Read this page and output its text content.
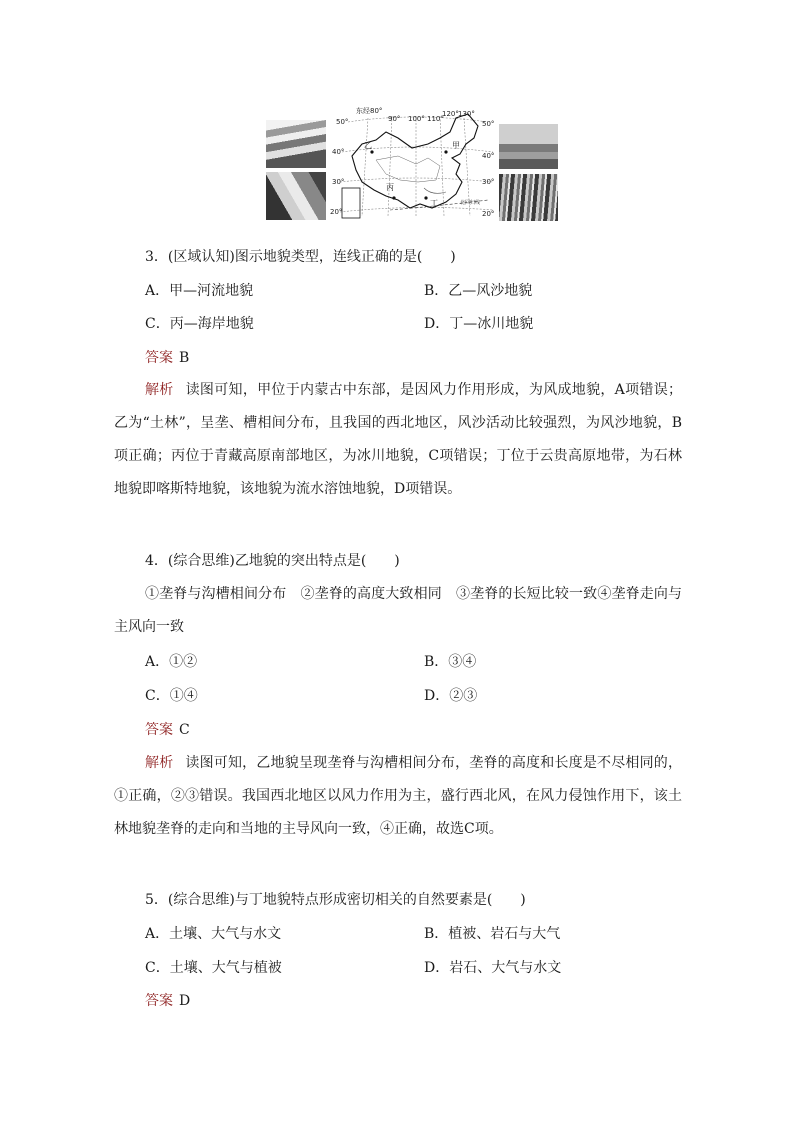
东经80°
90° 100° 110°
120° 130°
50°	50°
40°	40°
30°	30°
20°	20°
甲
乙
丙
丁	北回归线
3．(区域认知)图示地貌类型，连线正确的是(　　)
A．甲—河流地貌	B．乙—风沙地貌
C．丙—海岸地貌	D．丁—冰川地貌
答案 B
解析 读图可知，甲位于内蒙古中东部，是因风力作用形成，为风成地貌，A项错误；乙为“土林”，呈垄、槽相间分布，且我国的西北地区，风沙活动比较强烈，为风沙地貌，B项正确；丙位于青藏高原南部地区，为冰川地貌，C项错误；丁位于云贵高原地带，为石林地貌即喀斯特地貌，该地貌为流水溶蚀地貌，D项错误。
4．(综合思维)乙地貌的突出特点是(　　)
①垄脊与沟槽相间分布　②垄脊的高度大致相同　③垄脊的长短比较一致④垄脊走向与主风向一致
A．①②	B．③④
C．①④	D．②③
答案 C
解析 读图可知，乙地貌呈现垄脊与沟槽相间分布，垄脊的高度和长度是不尽相同的，①正确，②③错误。我国西北地区以风力作用为主，盛行西北风，在风力侵蚀作用下，该土林地貌垄脊的走向和当地的主导风向一致，④正确，故选C项。
5．(综合思维)与丁地貌特点形成密切相关的自然要素是(　　)
A．土壤、大气与水文	B．植被、岩石与大气
C．土壤、大气与植被	D．岩石、大气与水文
答案 D
